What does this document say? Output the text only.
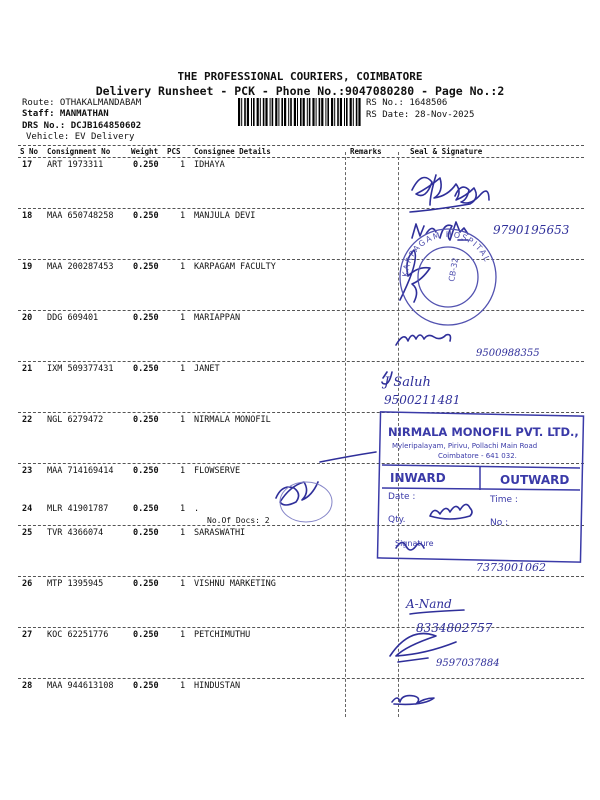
THE PROFESSIONAL COURIERS, COIMBATORE
Delivery Runsheet - PCK - Phone No.:9047080280 - Page No.:2
Route: OTHAKALMANDABAM
Staff: MANMATHAN
DRS No.: DCJB164850602
Vehicle: EV Delivery
RS No.: 1648506
RS Date: 28-Nov-2025
S No Consignment No	Weight PCS Consignee Details	Remarks	Seal & Signature
17 ART 1973311	0.250	1 IDHAYA
18 MAA 650748258 0.250	1 MANJULA DEVI
19 MAA 200287453 0.250	1 KARPAGAM FACULTY
20 DDG 609401	0.250	1 MARIAPPAN
21 IXM 509377431 0.250	1 JANET
22 NGL 6279472	0.250	1 NIRMALA MONOFIL
23 MAA 714169414 0.250	1 FLOWSERVE
24 MLR 41901787	0.250	1 .
25 TVR 4366074	0.250	1 SARASWATHI
26 MTP 1395945	0.250	1 VISHNU MARKETING
27 KOC 62251776	0.250	1 PETCHIMUTHU
28 MAA 944613108 0.250	1 HINDUSTAN
No.Of Docs: 2
KARPAGAM HOSPITAL
CB-32
NIRMALA MONOFIL PVT. LTD.,
Myleripalayam, Pirivu, Pollachi Main Road
Coimbatore - 641 032.
INWARD	OUTWARD
Date :	Time :
Qty.	No :
Signature
9790195653
9500988355
J Saluh
9500211481
7373001062
A-Nand
8334802757
9597037884
